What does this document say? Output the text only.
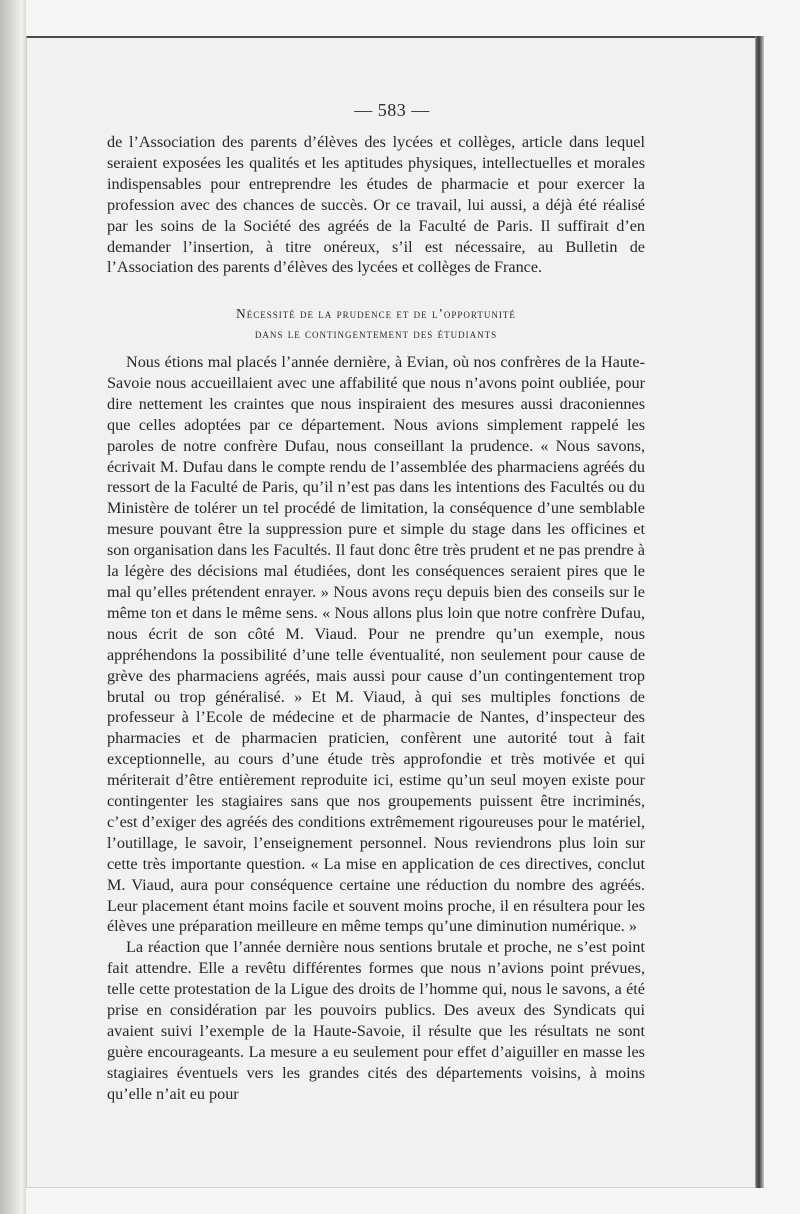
— 583 —

de l’Association des parents d’élèves des lycées et collèges, article dans lequel seraient exposées les qualités et les aptitudes physiques, intellectuelles et morales indispensables pour entreprendre les études de pharmacie et pour exercer la profession avec des chances de succès. Or ce travail, lui aussi, a déjà été réalisé par les soins de la Société des agréés de la Faculté de Paris. Il suffirait d’en demander l’insertion, à titre onéreux, s’il est nécessaire, au Bulletin de l’Association des parents d’élèves des lycées et collèges de France.

Nécessité de la prudence et de l’opportunité
dans le contingentement des étudiants

Nous étions mal placés l’année dernière, à Evian, où nos confrères de la Haute-Savoie nous accueillaient avec une affabilité que nous n’avons point oubliée, pour dire nettement les craintes que nous inspiraient des mesures aussi draconiennes que celles adoptées par ce département. Nous avions simplement rappelé les paroles de notre confrère Dufau, nous conseillant la prudence. « Nous savons, écrivait M. Dufau dans le compte rendu de l’assemblée des pharmaciens agréés du ressort de la Faculté de Paris, qu’il n’est pas dans les intentions des Facultés ou du Ministère de tolérer un tel procédé de limitation, la conséquence d’une semblable mesure pouvant être la suppression pure et simple du stage dans les officines et son organisation dans les Facultés. Il faut donc être très prudent et ne pas prendre à la légère des décisions mal étudiées, dont les conséquences seraient pires que le mal qu’elles prétendent enrayer. » Nous avons reçu depuis bien des conseils sur le même ton et dans le même sens. « Nous allons plus loin que notre confrère Dufau, nous écrit de son côté M. Viaud. Pour ne prendre qu’un exemple, nous appréhendons la possibilité d’une telle éventualité, non seulement pour cause de grève des pharmaciens agréés, mais aussi pour cause d’un contingentement trop brutal ou trop généralisé. » Et M. Viaud, à qui ses multiples fonctions de professeur à l’Ecole de médecine et de pharmacie de Nantes, d’inspecteur des pharmacies et de pharmacien praticien, confèrent une autorité tout à fait exceptionnelle, au cours d’une étude très approfondie et très motivée et qui mériterait d’être entièrement reproduite ici, estime qu’un seul moyen existe pour contingenter les stagiaires sans que nos groupements puissent être incriminés, c’est d’exiger des agréés des conditions extrêmement rigoureuses pour le matériel, l’outillage, le savoir, l’enseignement personnel. Nous reviendrons plus loin sur cette très importante question. « La mise en application de ces directives, conclut M. Viaud, aura pour conséquence certaine une réduction du nombre des agréés. Leur placement étant moins facile et souvent moins proche, il en résultera pour les élèves une préparation meilleure en même temps qu’une diminution numérique. »

La réaction que l’année dernière nous sentions brutale et proche, ne s’est point fait attendre. Elle a revêtu différentes formes que nous n’avions point prévues, telle cette protestation de la Ligue des droits de l’homme qui, nous le savons, a été prise en considération par les pouvoirs publics. Des aveux des Syndicats qui avaient suivi l’exemple de la Haute-Savoie, il résulte que les résultats ne sont guère encourageants. La mesure a eu seulement pour effet d’aiguiller en masse les stagiaires éventuels vers les grandes cités des départements voisins, à moins qu’elle n’ait eu pour
